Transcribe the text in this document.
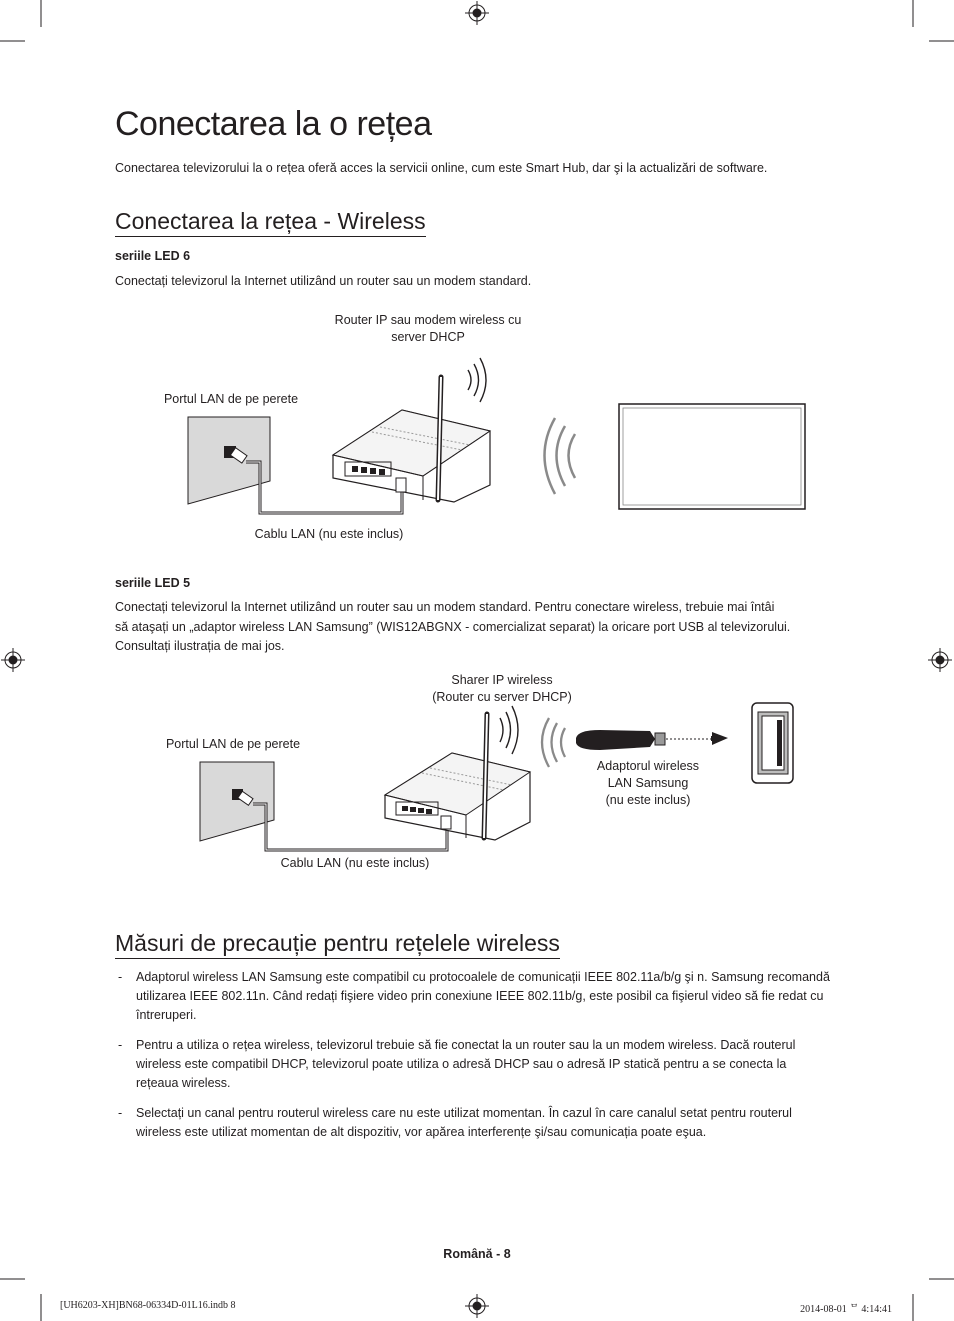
Conectarea la o rețea
Conectarea televizorului la o rețea oferă acces la servicii online, cum este Smart Hub, dar şi la actualizări de software.
Conectarea la rețea - Wireless
seriile LED 6
Conectați televizorul la Internet utilizând un router sau un modem standard.
Router IP sau modem wireless cu
server DHCP
Portul LAN de pe perete
Cablu LAN (nu este inclus)
seriile LED 5
Conectați televizorul la Internet utilizând un router sau un modem standard. Pentru conectare wireless, trebuie mai întâi
să ataşați un „adaptor wireless LAN Samsung” (WIS12ABGNX - comercializat separat) la oricare port USB al televizorului.
Consultați ilustrația de mai jos.
Sharer IP wireless
(Router cu server DHCP)
Portul LAN de pe perete
Adaptorul wireless
LAN Samsung
(nu este inclus)
Cablu LAN (nu este inclus)
Măsuri de precauție pentru rețelele wireless
- Adaptorul wireless LAN Samsung este compatibil cu protocoalele de comunicații IEEE 802.11a/b/g şi n. Samsung recomandă utilizarea IEEE 802.11n. Când redați fişiere video prin conexiune IEEE 802.11b/g, este posibil ca fişierul video să fie redat cu întreruperi.
- Pentru a utiliza o rețea wireless, televizorul trebuie să fie conectat la un router sau la un modem wireless. Dacă routerul wireless este compatibil DHCP, televizorul poate utiliza o adresă DHCP sau o adresă IP statică pentru a se conecta la rețeaua wireless.
- Selectați un canal pentru routerul wireless care nu este utilizat momentan. În cazul în care canalul setat pentru routerul wireless este utilizat momentan de alt dispozitiv, vor apărea interferențe şi/sau comunicația poate eşua.
Română - 8
[UH6203-XH]BN68-06334D-01L16.indb 8	2014-08-01 ᄆ 4:14:41
